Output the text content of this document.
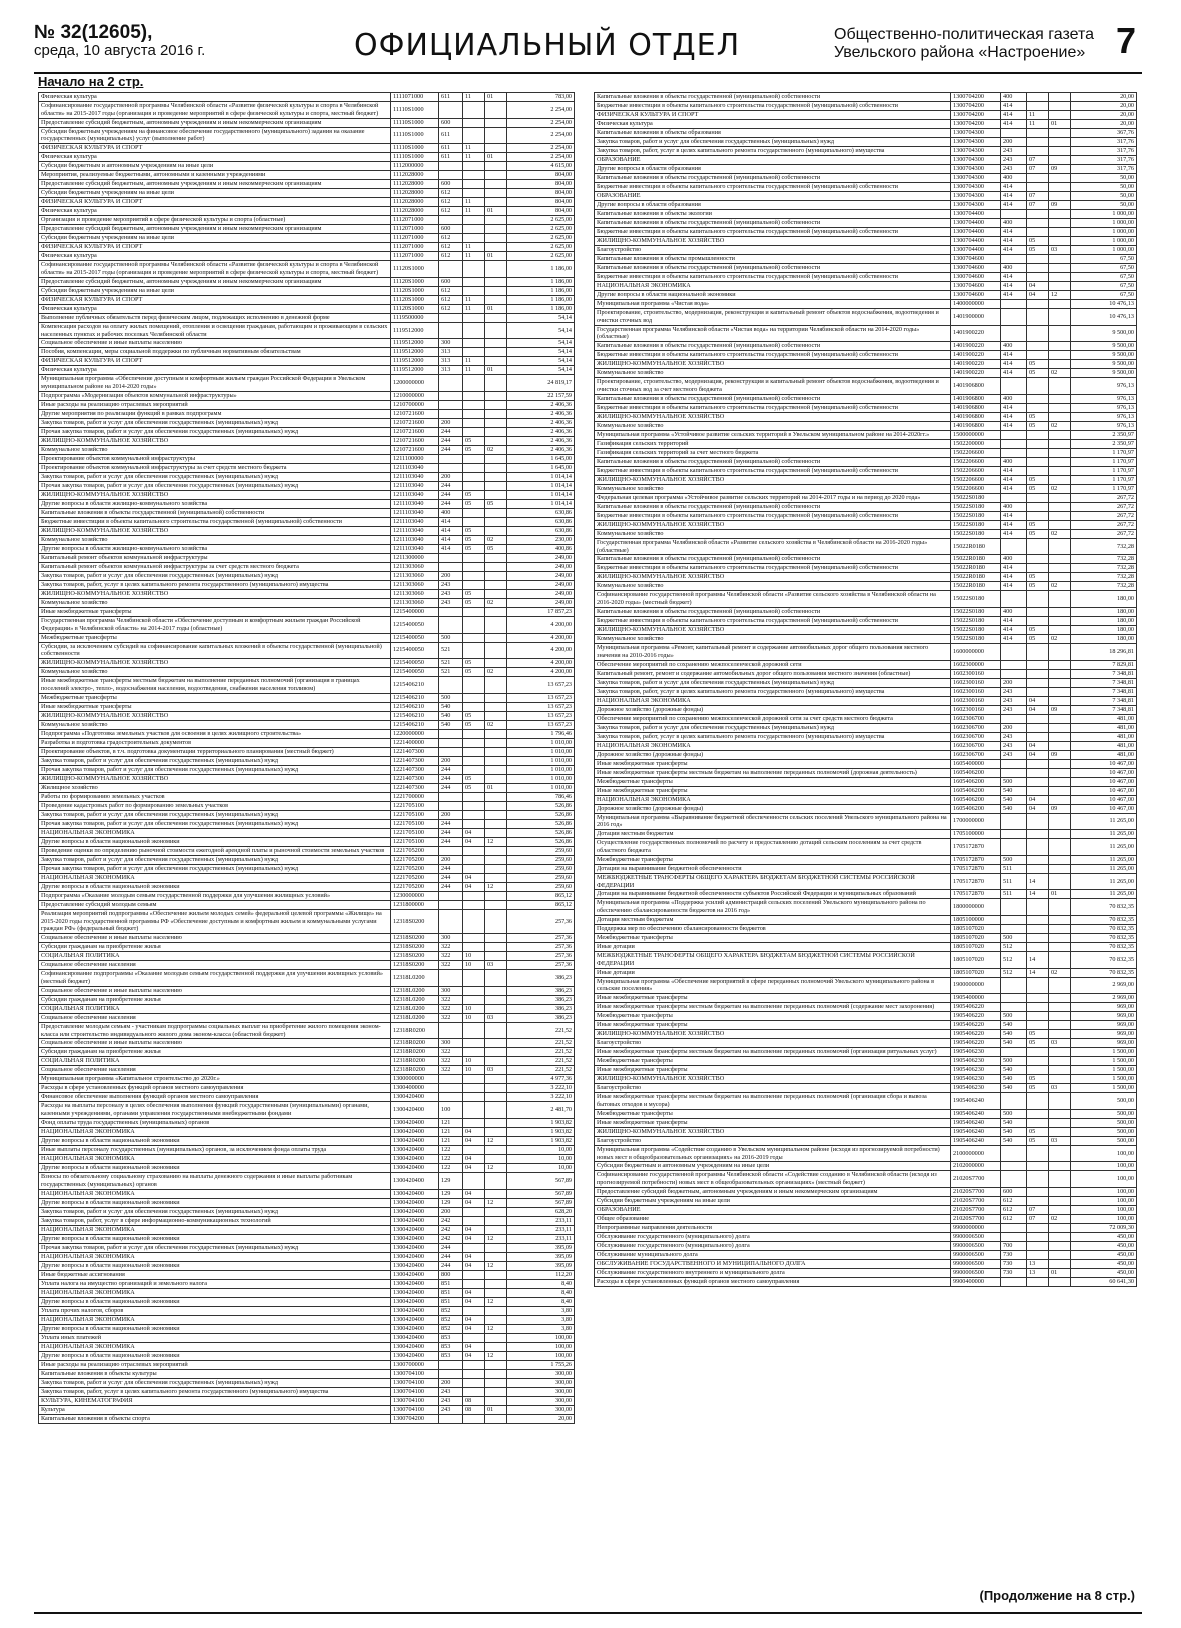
№ 32(12605),
среда, 10 августа 2016 г.	ОФИЦИАЛЬНЫЙ ОТДЕЛ	Общественно-политическая газета
Увельского района «Настроение» 7
Начало на 2 стр.
Физическая культура	1111071000	611	11	01	783,00
Софинансирование государственной программы Челябинской области «Развитие физической культуры и спорта в Челябинской области» на 2015-2017 годы (организация и проведение мероприятий в сфере физической культуры и спорта, местный бюджет)	11110S1000				2 254,00
Предоставление субсидий бюджетным, автономным учреждениям и иным некоммерческим организациям	11110S1000	600			2 254,00
Субсидии бюджетным учреждениям на финансовое обеспечение государственного (муниципального) задания на оказание государственных (муниципальных) услуг (выполнение работ)	11110S1000	611			2 254,00
ФИЗИЧЕСКАЯ КУЛЬТУРА И СПОРТ	11110S1000	611	11		2 254,00
Физическая культура	11110S1000	611	11	01	2 254,00
Субсидии бюджетным и автономным учреждениям на иные цели	1112000000				4 615,00
Мероприятия, реализуемые бюджетными, автономными и казенными учреждениями	1112028000				804,00
Предоставление субсидий бюджетным, автономным учреждениям и иным некоммерческим организациям	1112028000	600			804,00
Субсидии бюджетным учреждениям на иные цели	1112028000	612			804,00
ФИЗИЧЕСКАЯ КУЛЬТУРА И СПОРТ	1112028000	612	11		804,00
Физическая культура	1112028000	612	11	01	804,00
Организация и проведение мероприятий в сфере физической культуры и спорта (областные)	1112071000				2 625,00
Предоставление субсидий бюджетным, автономным учреждениям и иным некоммерческим организациям	1112071000	600			2 625,00
Субсидии бюджетным учреждениям на иные цели	1112071000	612			2 625,00
ФИЗИЧЕСКАЯ КУЛЬТУРА И СПОРТ	1112071000	612	11		2 625,00
Физическая культура	1112071000	612	11	01	2 625,00
Софинансирование государственной программы Челябинской области «Развитие физической культуры и спорта в Челябинской области» на 2015-2017 годы (организация и проведение мероприятий в сфере физической культуры и спорта, местный бюджет)	11120S1000				1 186,00
Предоставление субсидий бюджетным, автономным учреждениям и иным некоммерческим организациям	11120S1000	600			1 186,00
Субсидии бюджетным учреждениям на иные цели	11120S1000	612			1 186,00
ФИЗИЧЕСКАЯ КУЛЬТУРА И СПОРТ	11120S1000	612	11		1 186,00
Физическая культура	11120S1000	612	11	01	1 186,00
Выполнение публичных обязательств перед физическим лицом, подлежащих исполнению в денежной форме	1119500000				54,14
Компенсация расходов на оплату жилых помещений, отопления и освещения гражданам, работающим и проживающим в сельских населенных пунктах и рабочих поселках Челябинской области	1119512000				54,14
Социальное обеспечение и иные выплаты населению	1119512000	300			54,14
Пособия, компенсации, меры социальной поддержки по публичным нормативным обязательствам	1119512000	313			54,14
ФИЗИЧЕСКАЯ КУЛЬТУРА И СПОРТ	1119512000	313	11		54,14
Физическая культура	1119512000	313	11	01	54,14
Муниципальная программа «Обеспечение доступным и комфортным жильем граждан Российской Федерации в Увельском муниципальном районе на 2014-2020 годы»	1200000000				24 819,17
Подпрограмма «Модернизация объектов коммунальной инфраструктуры»	1210000000				22 157,59
Иные расходы на реализацию отраслевых мероприятий	1210700000				2 406,36
Другие мероприятия по реализации функций в рамках подпрограмм	1210721600				2 406,36
Закупка товаров, работ и услуг для обеспечения государственных (муниципальных) нужд	1210721600	200			2 406,36
Прочая закупка товаров, работ и услуг для обеспечения государственных (муниципальных) нужд	1210721600	244			2 406,36
ЖИЛИЩНО-КОММУНАЛЬНОЕ ХОЗЯЙСТВО	1210721600	244	05		2 406,36
Коммунальное хозяйство	1210721600	244	05	02	2 406,36
Проектирование объектов коммунальной инфраструктуры	1211100000				1 645,00
Проектирование объектов коммунальной инфраструктуры за счет средств местного бюджета	1211103040				1 645,00
Закупка товаров, работ и услуг для обеспечения государственных (муниципальных) нужд	1211103040	200			1 014,14
Прочая закупка товаров, работ и услуг для обеспечения государственных (муниципальных) нужд	1211103040	244			1 014,14
ЖИЛИЩНО-КОММУНАЛЬНОЕ ХОЗЯЙСТВО	1211103040	244	05		1 014,14
Другие вопросы в области жилищно-коммунального хозяйства	1211103040	244	05	05	1 014,14
Капитальные вложения в объекты государственной (муниципальной) собственности	1211103040	400			630,86
Бюджетные инвестиции в объекты капитального строительства государственной (муниципальной) собственности	1211103040	414			630,86
ЖИЛИЩНО-КОММУНАЛЬНОЕ ХОЗЯЙСТВО	1211103040	414	05		630,86
Коммунальное хозяйство	1211103040	414	05	02	230,00
Другие вопросы в области жилищно-коммунального хозяйства	1211103040	414	05	05	400,86
Капитальный ремонт объектов коммунальной инфраструктуры	1211300000				249,00
Капитальный ремонт объектов коммунальной инфраструктуры за счет средств местного бюджета	1211303060				249,00
Закупка товаров, работ и услуг для обеспечения государственных (муниципальных) нужд	1211303060	200			249,00
Закупка товаров, работ, услуг в целях капитального ремонта государственного (муниципального) имущества	1211303060	243			249,00
ЖИЛИЩНО-КОММУНАЛЬНОЕ ХОЗЯЙСТВО	1211303060	243	05		249,00
Коммунальное хозяйство	1211303060	243	05	02	249,00
Иные межбюджетные трансферты	1215400000				17 857,23
Государственная программа Челябинской области «Обеспечение доступным и комфортным жильем граждан Российской Федерации» в Челябинской области» на 2014-2017 годы (областные)	1215400050				4 200,00
Межбюджетные трансферты	1215400050	500			4 200,00
Субсидии, за исключением субсидий на софинансирование капитальных вложений в объекты государственной (муниципальной) собственности	1215400050	521			4 200,00
ЖИЛИЩНО-КОММУНАЛЬНОЕ ХОЗЯЙСТВО	1215400050	521	05		4 200,00
Коммунальное хозяйство	1215400050	521	05	02	4 200,00
Иные межбюджетные трансферты местным бюджетам на выполнение переданных полномочий (организация в границах поселений электро-, тепло-, водоснабжения населения, водоотведения, снабжения населения топливом)	1215406210				13 657,23
Межбюджетные трансферты	1215406210	500			13 657,23
Иные межбюджетные трансферты	1215406210	540			13 657,23
ЖИЛИЩНО-КОММУНАЛЬНОЕ ХОЗЯЙСТВО	1215406210	540	05		13 657,23
Коммунальное хозяйство	1215406210	540	05	02	13 657,23
Подпрограмма «Подготовка земельных участков для освоения в целях жилищного строительства»	1220000000				1 796,46
Разработка и подготовка градостроительных документов	1221400000				1 010,00
Проектирование объектов, в т.ч. подготовка документации территориального планирования (местный бюджет)	1221407300				1 010,00
Закупка товаров, работ и услуг для обеспечения государственных (муниципальных) нужд	1221407300	200			1 010,00
Прочая закупка товаров, работ и услуг для обеспечения государственных (муниципальных) нужд	1221407300	244			1 010,00
ЖИЛИЩНО-КОММУНАЛЬНОЕ ХОЗЯЙСТВО	1221407300	244	05		1 010,00
Жилищное хозяйство	1221407300	244	05	01	1 010,00
Работы по формированию земельных участков	1221700000				786,46
Проведение кадастровых работ по формированию земельных участков	1221705100				526,86
Закупка товаров, работ и услуг для обеспечения государственных (муниципальных) нужд	1221705100	200			526,86
Прочая закупка товаров, работ и услуг для обеспечения государственных (муниципальных) нужд	1221705100	244			526,86
НАЦИОНАЛЬНАЯ ЭКОНОМИКА	1221705100	244	04		526,86
Другие вопросы в области национальной экономики	1221705100	244	04	12	526,86
Проведение оценки по определению рыночной стоимости ежегодной арендной платы и рыночной стоимости земельных участков	1221705200				259,60
Закупка товаров, работ и услуг для обеспечения государственных (муниципальных) нужд	1221705200	200			259,60
Прочая закупка товаров, работ и услуг для обеспечения государственных (муниципальных) нужд	1221705200	244			259,60
НАЦИОНАЛЬНАЯ ЭКОНОМИКА	1221705200	244	04		259,60
Другие вопросы в области национальной экономики	1221705200	244	04	12	259,60
Подпрограмма «Оказание молодым семьям государственной поддержки для улучшения жилищных условий»	1230000000				865,12
Предоставление субсидий молодым семьям	1231800000				865,12
Реализация мероприятий подпрограммы «Обеспечение жильем молодых семей» федеральной целевой программы «Жилище» на 2015-2020 годы государственной программы РФ «Обеспечение доступным и комфортным жильем и коммунальными услугами граждан РФ» (федеральный бюджет)	12318S0200				257,36
Социальное обеспечение и иные выплаты населению	12318S0200	300			257,36
Субсидии гражданам на приобретение жилья	12318S0200	322			257,36
СОЦИАЛЬНАЯ ПОЛИТИКА	12318S0200	322	10		257,36
Социальное обеспечение населения	12318S0200	322	10	03	257,36
Софинансирование подпрограммы «Оказание молодым семьям государственной поддержки для улучшения жилищных условий» (местный бюджет)	12318L0200				386,23
Социальное обеспечение и иные выплаты населению	12318L0200	300			386,23
Субсидии гражданам на приобретение жилья	12318L0200	322			386,23
СОЦИАЛЬНАЯ ПОЛИТИКА	12318L0200	322	10		386,23
Социальное обеспечение населения	12318L0200	322	10	03	386,23
Предоставление молодым семьям - участникам подпрограммы социальных выплат на приобретение жилого помещения эконом-класса или строительство индивидуального жилого дома эконом-класса (областной бюджет)	12318R0200				221,52
Социальное обеспечение и иные выплаты населению	12318R0200	300			221,52
Субсидии гражданам на приобретение жилья	12318R0200	322			221,52
СОЦИАЛЬНАЯ ПОЛИТИКА	12318R0200	322	10		221,52
Социальное обеспечение населения	12318R0200	322	10	03	221,52
Муниципальная программа «Капитальное строительство до 2020г.»	1300000000				4 977,36
Расходы в сфере установленных функций органов местного самоуправления	1300400000				3 222,10
Финансовое обеспечение выполнения функций органов местного самоуправления	1300420400				3 222,10
Расходы на выплаты персоналу в целях обеспечения выполнения функций государственными (муниципальными) органами, казенными учреждениями, органами управления государственными внебюджетными фондами	1300420400	100			2 481,70
Фонд оплаты труда государственных (муниципальных) органов	1300420400	121			1 903,82
НАЦИОНАЛЬНАЯ ЭКОНОМИКА	1300420400	121	04		1 903,82
Другие вопросы в области национальной экономики	1300420400	121	04	12	1 903,82
Иные выплаты персоналу государственных (муниципальных) органов, за исключением фонда оплаты труда	1300420400	122			10,00
НАЦИОНАЛЬНАЯ ЭКОНОМИКА	1300420400	122	04		10,00
Другие вопросы в области национальной экономики	1300420400	122	04	12	10,00
Взносы по обязательному социальному страхованию на выплаты денежного содержания и иные выплаты работникам государственных (муниципальных) органов	1300420400	129			567,89
НАЦИОНАЛЬНАЯ ЭКОНОМИКА	1300420400	129	04		567,89
Другие вопросы в области национальной экономики	1300420400	129	04	12	567,89
Закупка товаров, работ и услуг для обеспечения государственных (муниципальных) нужд	1300420400	200			628,20
Закупка товаров, работ, услуг в сфере информационно-коммуникационных технологий	1300420400	242			233,11
НАЦИОНАЛЬНАЯ ЭКОНОМИКА	1300420400	242	04		233,11
Другие вопросы в области национальной экономики	1300420400	242	04	12	233,11
Прочая закупка товаров, работ и услуг для обеспечения государственных (муниципальных) нужд	1300420400	244			395,09
НАЦИОНАЛЬНАЯ ЭКОНОМИКА	1300420400	244	04		395,09
Другие вопросы в области национальной экономики	1300420400	244	04	12	395,09
Иные бюджетные ассигнования	1300420400	800			112,20
Уплата налога на имущество организаций и земельного налога	1300420400	851			8,40
НАЦИОНАЛЬНАЯ ЭКОНОМИКА	1300420400	851	04		8,40
Другие вопросы в области национальной экономики	1300420400	851	04	12	8,40
Уплата прочих налогов, сборов	1300420400	852			3,80
НАЦИОНАЛЬНАЯ ЭКОНОМИКА	1300420400	852	04		3,80
Другие вопросы в области национальной экономики	1300420400	852	04	12	3,80
Уплата иных платежей	1300420400	853			100,00
НАЦИОНАЛЬНАЯ ЭКОНОМИКА	1300420400	853	04		100,00
Другие вопросы в области национальной экономики	1300420400	853	04	12	100,00
Иные расходы на реализацию отраслевых мероприятий	1300700000				1 755,26
Капитальные вложения в объекты культуры	1300704100				300,00
Закупка товаров, работ и услуг для обеспечения государственных (муниципальных) нужд	1300704100	200			300,00
Закупка товаров, работ, услуг в целях капитального ремонта государственного (муниципального) имущества	1300704100	243			300,00
КУЛЬТУРА, КИНЕМАТОГРАФИЯ	1300704100	243	08		300,00
Культура	1300704100	243	08	01	300,00
Капитальные вложения в объекты спорта	1300704200				20,00
Капитальные вложения в объекты государственной (муниципальной) собственности	1300704200	400			20,00
Бюджетные инвестиции в объекты капитального строительства государственной (муниципальной) собственности	1300704200	414			20,00
ФИЗИЧЕСКАЯ КУЛЬТУРА И СПОРТ	1300704200	414	11		20,00
Физическая культура	1300704200	414	11	01	20,00
Капитальные вложения в объекты образования	1300704300				367,76
Закупка товаров, работ и услуг для обеспечения государственных (муниципальных) нужд	1300704300	200			317,76
Закупка товаров, работ, услуг в целях капитального ремонта государственного (муниципального) имущества	1300704300	243			317,76
ОБРАЗОВАНИЕ	1300704300	243	07		317,76
Другие вопросы в области образования	1300704300	243	07	09	317,76
Капитальные вложения в объекты государственной (муниципальной) собственности	1300704300	400			50,00
Бюджетные инвестиции в объекты капитального строительства государственной (муниципальной) собственности	1300704300	414			50,00
ОБРАЗОВАНИЕ	1300704300	414	07		50,00
Другие вопросы в области образования	1300704300	414	07	09	50,00
Капитальные вложения в объекты экологии	1300704400				1 000,00
Капитальные вложения в объекты государственной (муниципальной) собственности	1300704400	400			1 000,00
Бюджетные инвестиции в объекты капитального строительства государственной (муниципальной) собственности	1300704400	414			1 000,00
ЖИЛИЩНО-КОММУНАЛЬНОЕ ХОЗЯЙСТВО	1300704400	414	05		1 000,00
Благоустройство	1300704400	414	05	03	1 000,00
Капитальные вложения в объекты промышленности	1300704600				67,50
Капитальные вложения в объекты государственной (муниципальной) собственности	1300704600	400			67,50
Бюджетные инвестиции в объекты капитального строительства государственной (муниципальной) собственности	1300704600	414			67,50
НАЦИОНАЛЬНАЯ ЭКОНОМИКА	1300704600	414	04		67,50
Другие вопросы в области национальной экономики	1300704600	414	04	12	67,50
Муниципальная программа «Чистая вода»	1400000000				10 476,13
Проектирование, строительство, модернизация, реконструкция и капитальный ремонт объектов водоснабжения, водоотведения и очистки сточных вод	1401900000				10 476,13
Государственная программа Челябинской области «Чистая вода» на территории Челябинской области на 2014-2020 годы» (областные)	1401900220				9 500,00
Капитальные вложения в объекты государственной (муниципальной) собственности	1401900220	400			9 500,00
Бюджетные инвестиции в объекты капитального строительства государственной (муниципальной) собственности	1401900220	414			9 500,00
ЖИЛИЩНО-КОММУНАЛЬНОЕ ХОЗЯЙСТВО	1401900220	414	05		9 500,00
Коммунальное хозяйство	1401900220	414	05	02	9 500,00
Проектирование, строительство, модернизация, реконструкция и капитальный ремонт объектов водоснабжения, водоотведения и очистки сточных вод за счет местного бюджета	1401906800				976,13
Капитальные вложения в объекты государственной (муниципальной) собственности	1401906800	400			976,13
Бюджетные инвестиции в объекты капитального строительства государственной (муниципальной) собственности	1401906800	414			976,13
ЖИЛИЩНО-КОММУНАЛЬНОЕ ХОЗЯЙСТВО	1401906800	414	05		976,13
Коммунальное хозяйство	1401906800	414	05	02	976,13
Муниципальная программа «Устойчивое развитие сельских территорий в Увельском муниципальном районе на 2014-2020гг.»	1500000000				2 350,97
Газификация сельских территорий	1502200000				2 350,97
Газификация сельских территорий за счет местного бюджета	1502206600				1 170,97
Капитальные вложения в объекты государственной (муниципальной) собственности	1502206600	400			1 170,97
Бюджетные инвестиции в объекты капитального строительства государственной (муниципальной) собственности	1502206600	414			1 170,97
ЖИЛИЩНО-КОММУНАЛЬНОЕ ХОЗЯЙСТВО	1502206600	414	05		1 170,97
Коммунальное хозяйство	1502206600	414	05	02	1 170,97
Федеральная целевая программа «Устойчивое развитие сельских территорий на 2014-2017 годы и на период до 2020 года»	15022S0180				267,72
Капитальные вложения в объекты государственной (муниципальной) собственности	15022S0180	400			267,72
Бюджетные инвестиции в объекты капитального строительства государственной (муниципальной) собственности	15022S0180	414			267,72
ЖИЛИЩНО-КОММУНАЛЬНОЕ ХОЗЯЙСТВО	15022S0180	414	05		267,72
Коммунальное хозяйство	15022S0180	414	05	02	267,72
Государственная программа Челябинской области «Развитие сельского хозяйства в Челябинской области на 2016-2020 годы» (областные)	15022R0180				732,28
Капитальные вложения в объекты государственной (муниципальной) собственности	15022R0180	400			732,28
Бюджетные инвестиции в объекты капитального строительства государственной (муниципальной) собственности	15022R0180	414			732,28
ЖИЛИЩНО-КОММУНАЛЬНОЕ ХОЗЯЙСТВО	15022R0180	414	05		732,28
Коммунальное хозяйство	15022R0180	414	05	02	732,28
Софинансирование государственной программы Челябинской области «Развитие сельского хозяйства в Челябинской области на 2016-2020 годы» (местный бюджет)	15022S0180				180,00
Капитальные вложения в объекты государственной (муниципальной) собственности	15022S0180	400			180,00
Бюджетные инвестиции в объекты капитального строительства государственной (муниципальной) собственности	15022S0180	414			180,00
ЖИЛИЩНО-КОММУНАЛЬНОЕ ХОЗЯЙСТВО	15022S0180	414	05		180,00
Коммунальное хозяйство	15022S0180	414	05	02	180,00
Муниципальная программа «Ремонт, капитальный ремонт и содержание автомобильных дорог общего пользования местного значения на 2010-2016 годы»	1600000000				18 296,81
Обеспечение мероприятий по сохранению межпоселенческой дорожной сети	1602300000				7 829,81
Капитальный ремонт, ремонт и содержание автомобильных дорог общего пользования местного значения (областные)	1602300160				7 348,81
Закупка товаров, работ и услуг для обеспечения государственных (муниципальных) нужд	1602300160	200			7 348,81
Закупка товаров, работ, услуг в целях капитального ремонта государственного (муниципального) имущества	1602300160	243			7 348,81
НАЦИОНАЛЬНАЯ ЭКОНОМИКА	1602300160	243	04		7 348,81
Дорожное хозяйство (дорожные фонды)	1602300160	243	04	09	7 348,81
Обеспечение мероприятий по сохранению межпоселенческой дорожной сети за счет средств местного бюджета	1602306700				481,00
Закупка товаров, работ и услуг для обеспечения государственных (муниципальных) нужд	1602306700	200			481,00
Закупка товаров, работ, услуг в целях капитального ремонта государственного (муниципального) имущества	1602306700	243			481,00
НАЦИОНАЛЬНАЯ ЭКОНОМИКА	1602306700	243	04		481,00
Дорожное хозяйство (дорожные фонды)	1602306700	243	04	09	481,00
Иные межбюджетные трансферты	1605400000				10 467,00
Иные межбюджетные трансферты местным бюджетам на выполнение переданных полномочий (дорожная деятельность)	1605406200				10 467,00
Межбюджетные трансферты	1605406200	500			10 467,00
Иные межбюджетные трансферты	1605406200	540			10 467,00
НАЦИОНАЛЬНАЯ ЭКОНОМИКА	1605406200	540	04		10 467,00
Дорожное хозяйство (дорожные фонды)	1605406200	540	04	09	10 467,00
Муниципальная программа «Выравнивание бюджетной обеспеченности сельских поселений Увельского муниципального района на 2016 год»	1700000000				11 265,00
Дотации местным бюджетам	1705100000				11 265,00
Осуществление государственных полномочий по расчету и предоставлению дотаций сельским поселениям за счет средств областного бюджета	1705172870				11 265,00
Межбюджетные трансферты	1705172870	500			11 265,00
Дотации на выравнивание бюджетной обеспеченности	1705172870	511			11 265,00
МЕЖБЮДЖЕТНЫЕ ТРАНСФЕРТЫ ОБЩЕГО ХАРАКТЕРА БЮДЖЕТАМ БЮДЖЕТНОЙ СИСТЕМЫ РОССИЙСКОЙ ФЕДЕРАЦИИ	1705172870	511	14		11 265,00
Дотации на выравнивание бюджетной обеспеченности субъектов Российской Федерации и муниципальных образований	1705172870	511	14	01	11 265,00
Муниципальная программа «Поддержка усилий администраций сельских поселений Увельского муниципального района по обеспечению сбалансированности бюджетов на 2016 год»	1800000000				70 832,35
Дотации местным бюджетам	1805100000				70 832,35
Поддержка мер по обеспечению сбалансированности бюджетов	1805107020				70 832,35
Межбюджетные трансферты	1805107020	500			70 832,35
Иные дотации	1805107020	512			70 832,35
МЕЖБЮДЖЕТНЫЕ ТРАНСФЕРТЫ ОБЩЕГО ХАРАКТЕРА БЮДЖЕТАМ БЮДЖЕТНОЙ СИСТЕМЫ РОССИЙСКОЙ ФЕДЕРАЦИИ	1805107020	512	14		70 832,35
Иные дотации	1805107020	512	14	02	70 832,35
Муниципальная программа «Обеспечение мероприятий в сфере переданных полномочий Увельского муниципального района в сельские поселения»	1900000000				2 969,00
Иные межбюджетные трансферты	1905400000				2 969,00
Иные межбюджетные трансферты местным бюджетам на выполнение переданных полномочий (содержание мест захоронения)	1905406220				969,00
Межбюджетные трансферты	1905406220	500			969,00
Иные межбюджетные трансферты	1905406220	540			969,00
ЖИЛИЩНО-КОММУНАЛЬНОЕ ХОЗЯЙСТВО	1905406220	540	05		969,00
Благоустройство	1905406220	540	05	03	969,00
Иные межбюджетные трансферты местным бюджетам на выполнение переданных полномочий (организация ритуальных услуг)	1905406230				1 500,00
Межбюджетные трансферты	1905406230	500			1 500,00
Иные межбюджетные трансферты	1905406230	540			1 500,00
ЖИЛИЩНО-КОММУНАЛЬНОЕ ХОЗЯЙСТВО	1905406230	540	05		1 500,00
Благоустройство	1905406230	540	05	03	1 500,00
Иные межбюджетные трансферты местным бюджетам на выполнение переданных полномочий (организация сбора и вывоза бытовых отходов и мусора)	1905406240				500,00
Межбюджетные трансферты	1905406240	500			500,00
Иные межбюджетные трансферты	1905406240	540			500,00
ЖИЛИЩНО-КОММУНАЛЬНОЕ ХОЗЯЙСТВО	1905406240	540	05		500,00
Благоустройство	1905406240	540	05	03	500,00
Муниципальная программа «Содействие созданию в Увельском муниципальном районе (исходя из прогнозируемой потребности) новых мест в общеобразовательных организациях» на 2016-2019 годы	2100000000				100,00
Субсидии бюджетным и автономным учреждениям на иные цели	2102000000				100,00
Софинансирование государственной программы Челябинской области «Содействие созданию в Челябинской области (исходя из прогнозируемой потребности) новых мест в общеобразовательных организациях» (местный бюджет)	21020S7700				100,00
Предоставление субсидий бюджетным, автономным учреждениям и иным некоммерческим организациям	21020S7700	600			100,00
Субсидии бюджетным учреждениям на иные цели	21020S7700	612			100,00
ОБРАЗОВАНИЕ	21020S7700	612	07		100,00
Общее образование	21020S7700	612	07	02	100,00
Непрограммные направления деятельности	9900000000				72 009,30
Обслуживание государственного (муниципального) долга	9900006500				450,00
Обслуживание государственного (муниципального) долга	9900006500	700			450,00
Обслуживание муниципального долга	9900006500	730			450,00
ОБСЛУЖИВАНИЕ ГОСУДАРСТВЕННОГО И МУНИЦИПАЛЬНОГО ДОЛГА	9900006500	730	13		450,00
Обслуживание государственного внутреннего и муниципального долга	9900006500	730	13	01	450,00
Расходы в сфере установленных функций органов местного самоуправления	9900400000				60 641,30
(Продолжение на 8 стр.)
